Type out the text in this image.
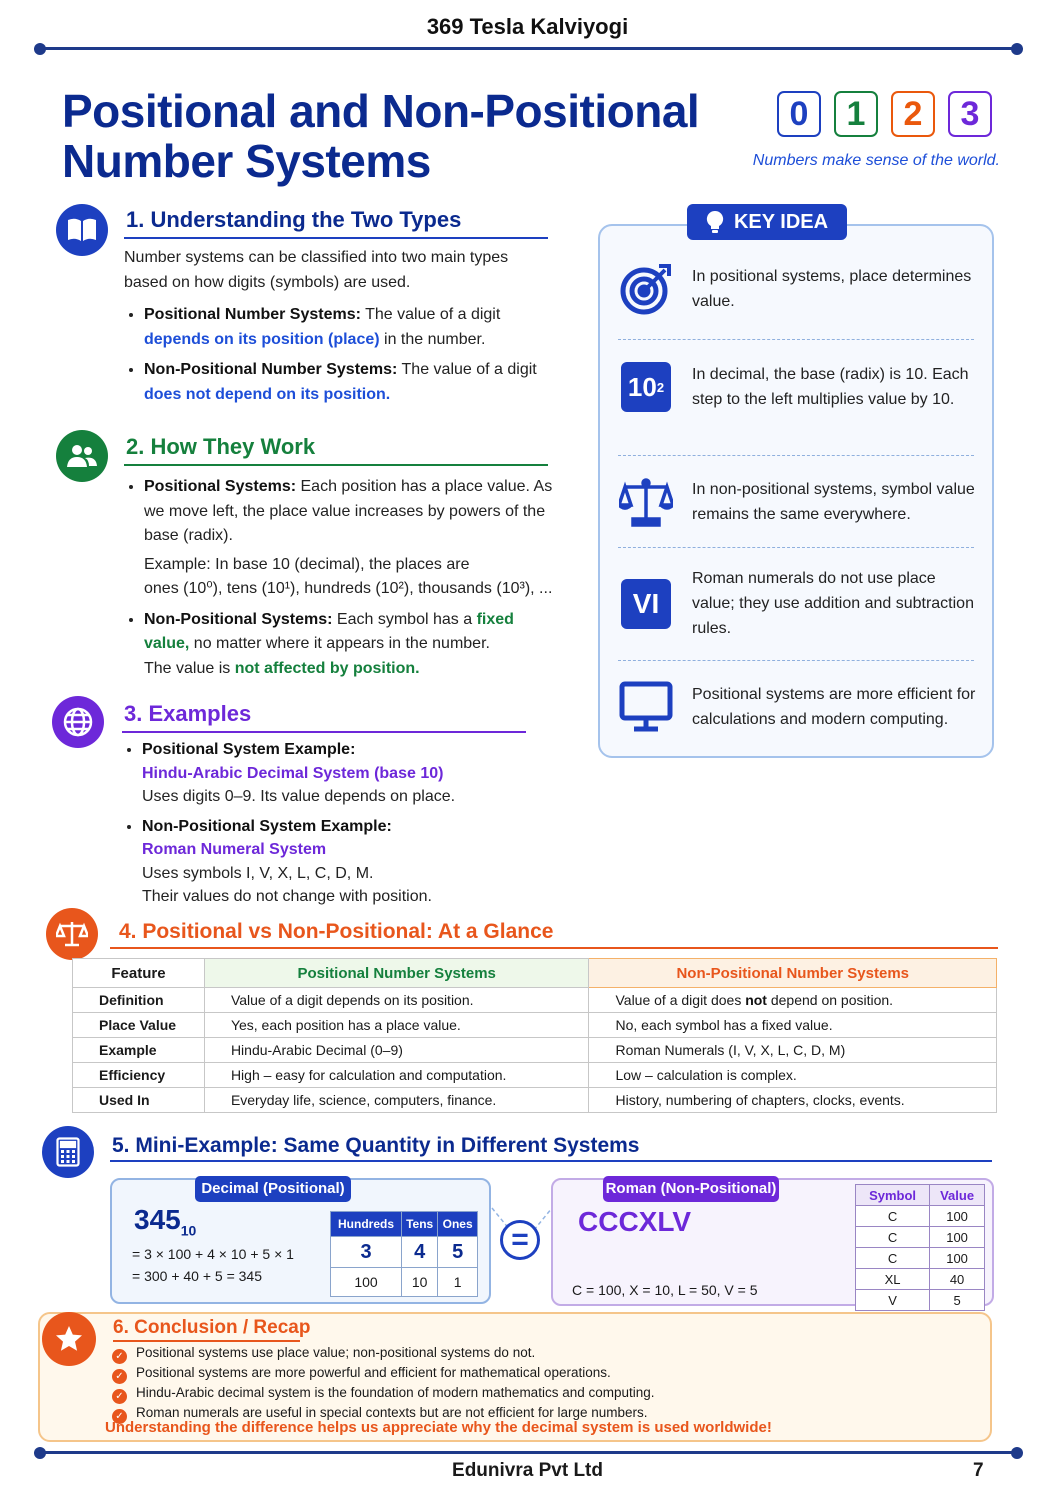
369 Tesla Kalviyogi
Positional and Non-Positional
Number Systems
0	1	2	3
Numbers make sense of the world.
1. Understanding the Two Types
Number systems can be classified into two main types based on how digits (symbols) are used.
• Positional Number Systems: The value of a digit depends on its position (place) in the number.
• Non-Positional Number Systems: The value of a digit does not depend on its position.
2. How They Work
• Positional Systems: Each position has a place value. As we move left, the place value increases by powers of the base (radix).
Example: In base 10 (decimal), the places are
ones (10⁰), tens (10¹), hundreds (10²), thousands (10³), ...
• Non-Positional Systems: Each symbol has a fixed value, no matter where it appears in the number.
The value is not affected by position.
3. Examples
• Positional System Example:
Hindu-Arabic Decimal System (base 10)
Uses digits 0–9. Its value depends on place.
• Non-Positional System Example:
Roman Numeral System
Uses symbols I, V, X, L, C, D, M.
Their values do not change with position.
KEY IDEA
In positional systems, place determines value.
10 2
In decimal, the base (radix) is 10. Each step to the left multiplies value by 10.
In non-positional systems, symbol value remains the same everywhere.
VI
Roman numerals do not use place value; they use addition and subtraction rules.
Positional systems are more efficient for calculations and modern computing.
4. Positional vs Non-Positional: At a Glance
Feature	Positional Number Systems	Non-Positional Number Systems
Definition	Value of a digit depends on its position.	Value of a digit does not depend on position.
Place Value	Yes, each position has a place value.	No, each symbol has a fixed value.
Example	Hindu-Arabic Decimal (0–9)	Roman Numerals (I, V, X, L, C, D, M)
Efficiency	High – easy for calculation and computation.	Low – calculation is complex.
Used In	Everyday life, science, computers, finance.	History, numbering of chapters, clocks, events.
5. Mini-Example: Same Quantity in Different Systems
Decimal (Positional)
$345_{10}$
= 3 × 100 + 4 × 10 + 5 × 1
= 300 + 40 + 5 = 345
Hundreds	Tens	Ones
3	4	5
100	10	1
=
Roman (Non-Positional)
CCCXLV

C = 100, X = 10, L = 50, V = 5

Symbol	Value
C	100
C	100
C	100
XL	40
V	5
6. Conclusion / Recap
✓ Positional systems use place value; non-positional systems do not.
✓ Positional systems are more powerful and efficient for mathematical operations.
✓ Hindu-Arabic decimal system is the foundation of modern mathematics and computing.
✓ Roman numerals are useful in special contexts but are not efficient for large numbers.
Understanding the difference helps us appreciate why the decimal system is used worldwide!
Edunivra Pvt Ltd	7
